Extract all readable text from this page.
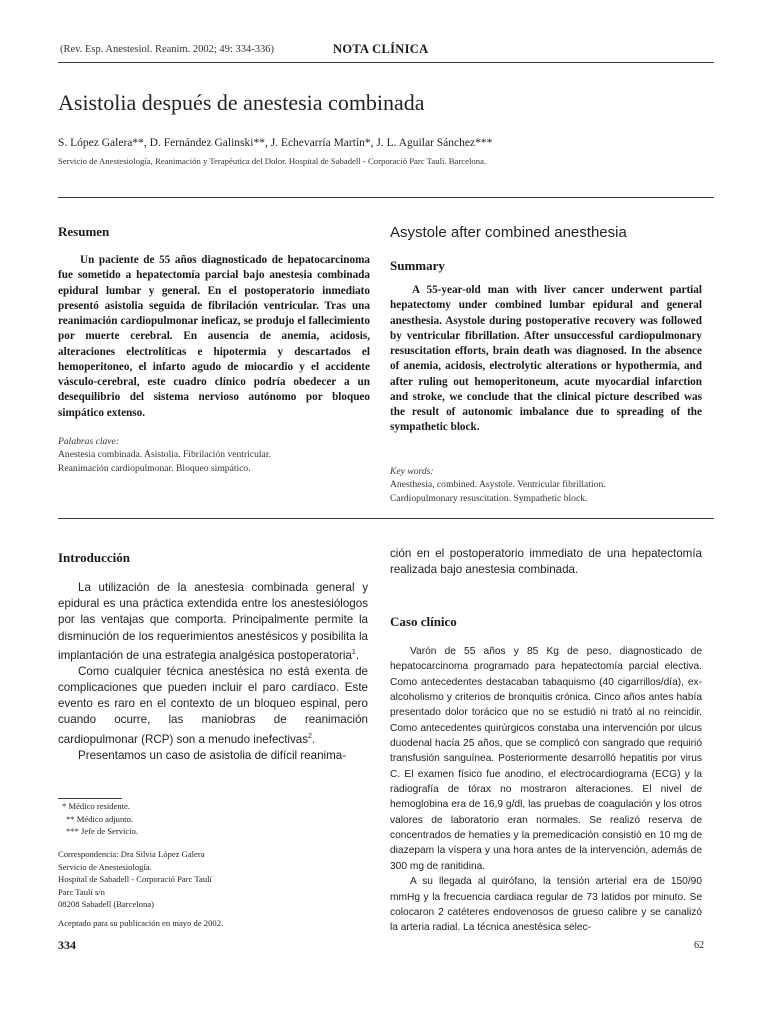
(Rev. Esp. Anestesiol. Reanim. 2002; 49: 334-336)	NOTA CLÍNICA
Asistolia después de anestesia combinada
S. López Galera**, D. Fernández Galinski**, J. Echevarría Martín*, J. L. Aguilar Sánchez***
Servicio de Anestesiología, Reanimación y Terapéutica del Dolor. Hospital de Sabadell - Corporació Parc Taulí. Barcelona.
Resumen

Un paciente de 55 años diagnosticado de hepatocarcinoma fue sometido a hepatectomía parcial bajo anestesia combinada epidural lumbar y general. En el postoperatorio inmediato presentó asistolia seguida de fibrilación ventricular. Tras una reanimación cardiopulmonar ineficaz, se produjo el fallecimiento por muerte cerebral. En ausencia de anemia, acidosis, alteraciones electrolíticas e hipotermia y descartados el hemoperitoneo, el infarto agudo de miocardio y el accidente vásculo-cerebral, este cuadro clínico podría obedecer a un desequilibrio del sistema nervioso autónomo por bloqueo simpático extenso.

Palabras clave:

Anestesia combinada. Asistolia. Fibrilación ventricular.

Reanimación cardiopulmonar. Bloqueo simpático.

Asystole after combined anesthesia
Summary

A 55-year-old man with liver cancer underwent partial hepatectomy under combined lumbar epidural and general anesthesia. Asystole during postoperative recovery was followed by ventricular fibrillation. After unsuccessful cardiopulmonary resuscitation efforts, brain death was diagnosed. In the absence of anemia, acidosis, electrolytic alterations or hypothermia, and after ruling out hemoperitoneum, acute myocardial infarction and stroke, we conclude that the clinical picture described was the result of autonomic imbalance due to spreading of the sympathetic block.

Key words:

Anesthesia, combined. Asystole. Ventricular fibrillation.

Cardiopulmonary resuscitation. Sympathetic block.

Introducción

La utilización de la anestesia combinada general y epidural es una práctica extendida entre los anestesiólogos por las ventajas que comporta. Principalmente permite la disminución de los requerimientos anestésicos y posibilita la implantación de una estrategia analgésica postoperatoria$^1$.

Como cualquier técnica anestésica no está exenta de complicaciones que pueden incluir el paro cardíaco. Este evento es raro en el contexto de un bloqueo espinal, pero cuando ocurre, las maniobras de reanimación cardiopulmonar (RCP) son a menudo inefectivas$^2$.

Presentamos un caso de asistolia de difícil reanima-

* Médico residente.

** Médico adjunto.

*** Jefe de Servicio.

Correspondencia: Dra Silvia López Galera

Servicio de Anestesiología.

Hospital de Sabadell - Corporació Parc Taulí

Parc Taulí s/n

08208 Sabadell (Barcelona)

Aceptado para su publicación en mayo de 2002.

ción en el postoperatorio immediato de una hepatectomía realizada bajo anestesia combinada.

Caso clínico

Varón de 55 años y 85 Kg de peso, diagnosticado de hepatocarcinoma programado para hepatectomía parcial electiva. Como antecedentes destacaban tabaquismo (40 cigarrillos/día), ex-alcoholismo y criterios de bronquitis crónica. Cinco años antes había presentado dolor torácico que no se estudió ni trató al no reincidir. Como antecedentes quirúrgicos constaba una intervención por ulcus duodenal hacía 25 años, que se complicó con sangrado que requirió transfusión sanguínea. Posteriormente desarrolló hepatitis por virus C. El examen físico fue anodino, el electrocardiograma (ECG) y la radiografía de tórax no mostraron alteraciones. El nivel de hemoglobina era de 16,9 g/dl, las pruebas de coagulación y los otros valores de laboratorio eran normales. Se realizó reserva de concentrados de hematíes y la premedicación consistió en 10 mg de diazepam la víspera y una hora antes de la intervención, además de 300 mg de ranitidina.

A su llegada al quirófano, la tensión arterial era de 150/90 mmHg y la frecuencia cardiaca regular de 73 latidos por minuto. Se colocaron 2 catéteres endovenosos de grueso calibre y se canalizó la arteria radial. La técnica anestésica selec-

334	62
